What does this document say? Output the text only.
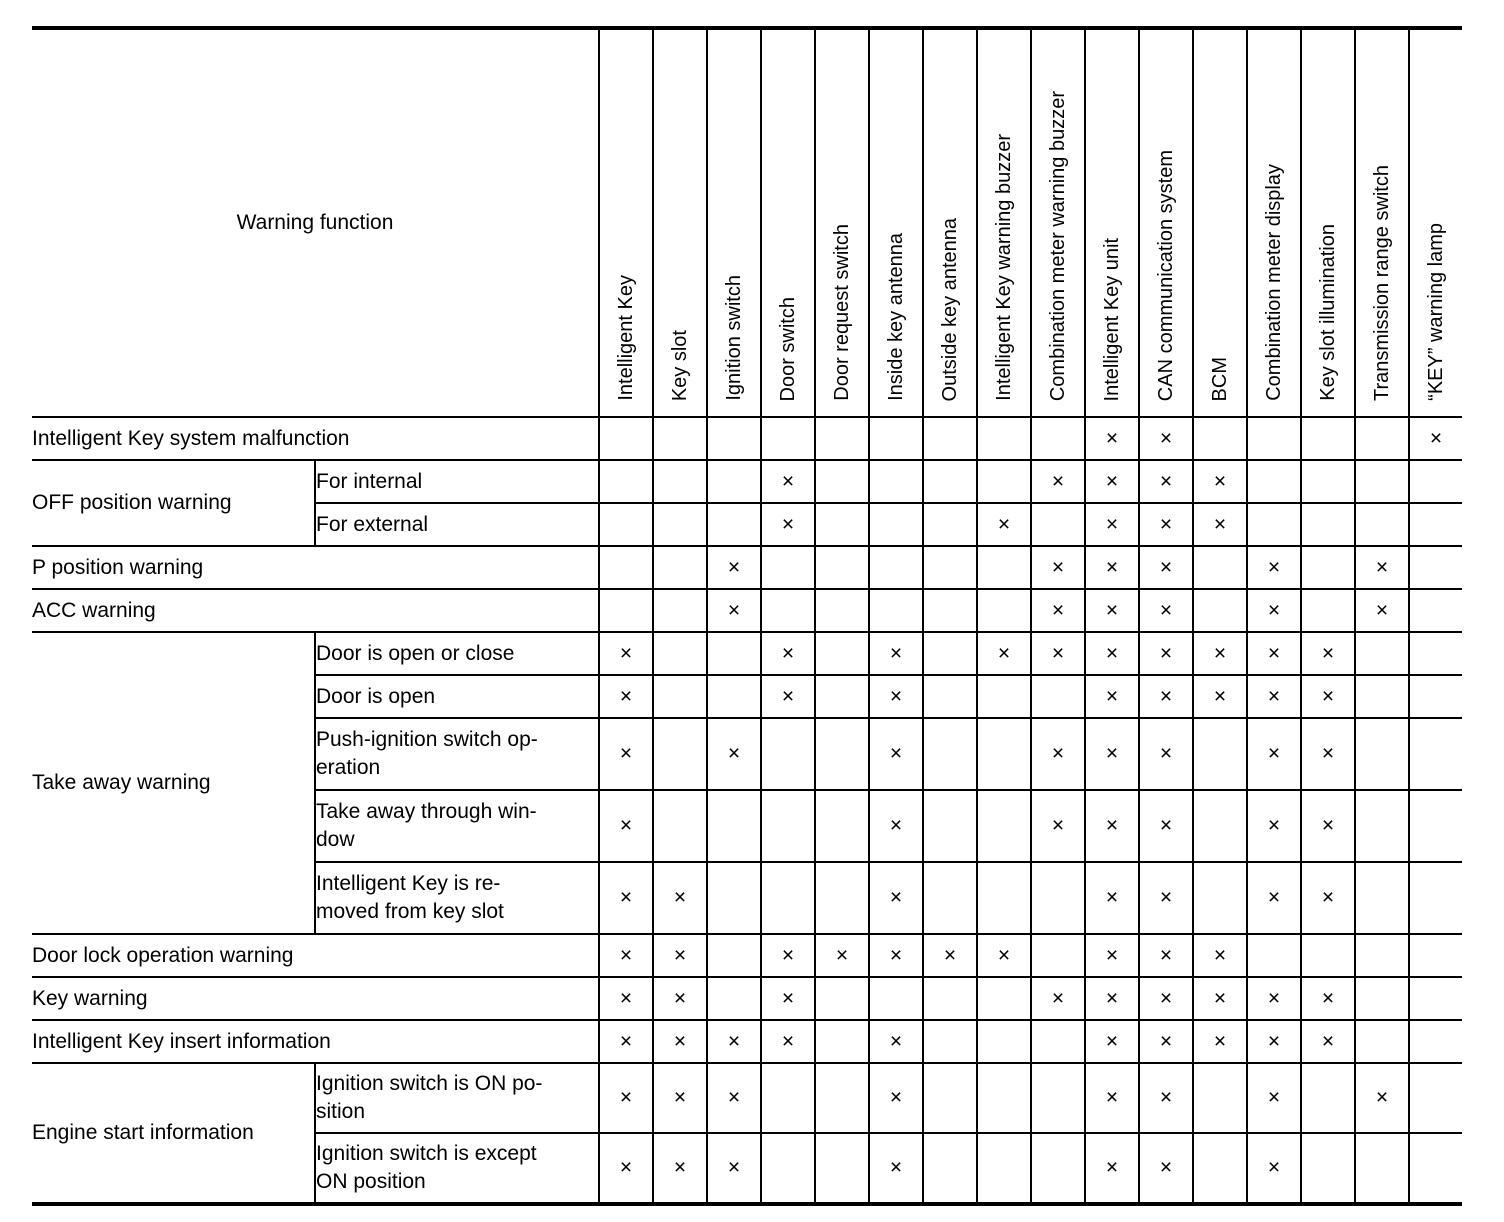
Warning function		Intelligent Key	Key slot	Ignition switch	Door switch	Door request switch	Inside key antenna	Outside key antenna	Intelligent Key warning buzzer	Combination meter warning buzzer	Intelligent Key unit	CAN communication system	BCM	Combination meter display	Key slot illumination	Transmission range switch	“KEY” warning lamp
Intelligent Key system malfunction											×	×					×
OFF position warning	For internal				×					×	×	×	×				
	For external				×				×		×	×	×				
P position warning				×						×	×	×		×		×	
ACC warning				×						×	×	×		×		×	
Take away warning	Door is open or close	×			×		×		×	×	×	×	×	×	×		
	Door is open	×			×		×				×	×	×	×	×		
	Push-ignition switch op-
eration	×		×			×			×	×	×		×	×		
	Take away through win-
dow	×					×			×	×	×		×	×		
	Intelligent Key is re-
moved from key slot	×	×				×				×	×		×	×		
Door lock operation warning		×	×		×	×	×	×	×		×	×	×				
Key warning		×	×		×					×	×	×	×	×	×		
Intelligent Key insert information		×	×	×	×		×				×	×	×	×	×		
Engine start information	Ignition switch is ON po-
sition	×	×	×			×				×	×		×		×	
	Ignition switch is except
ON position	×	×	×			×				×	×		×			
